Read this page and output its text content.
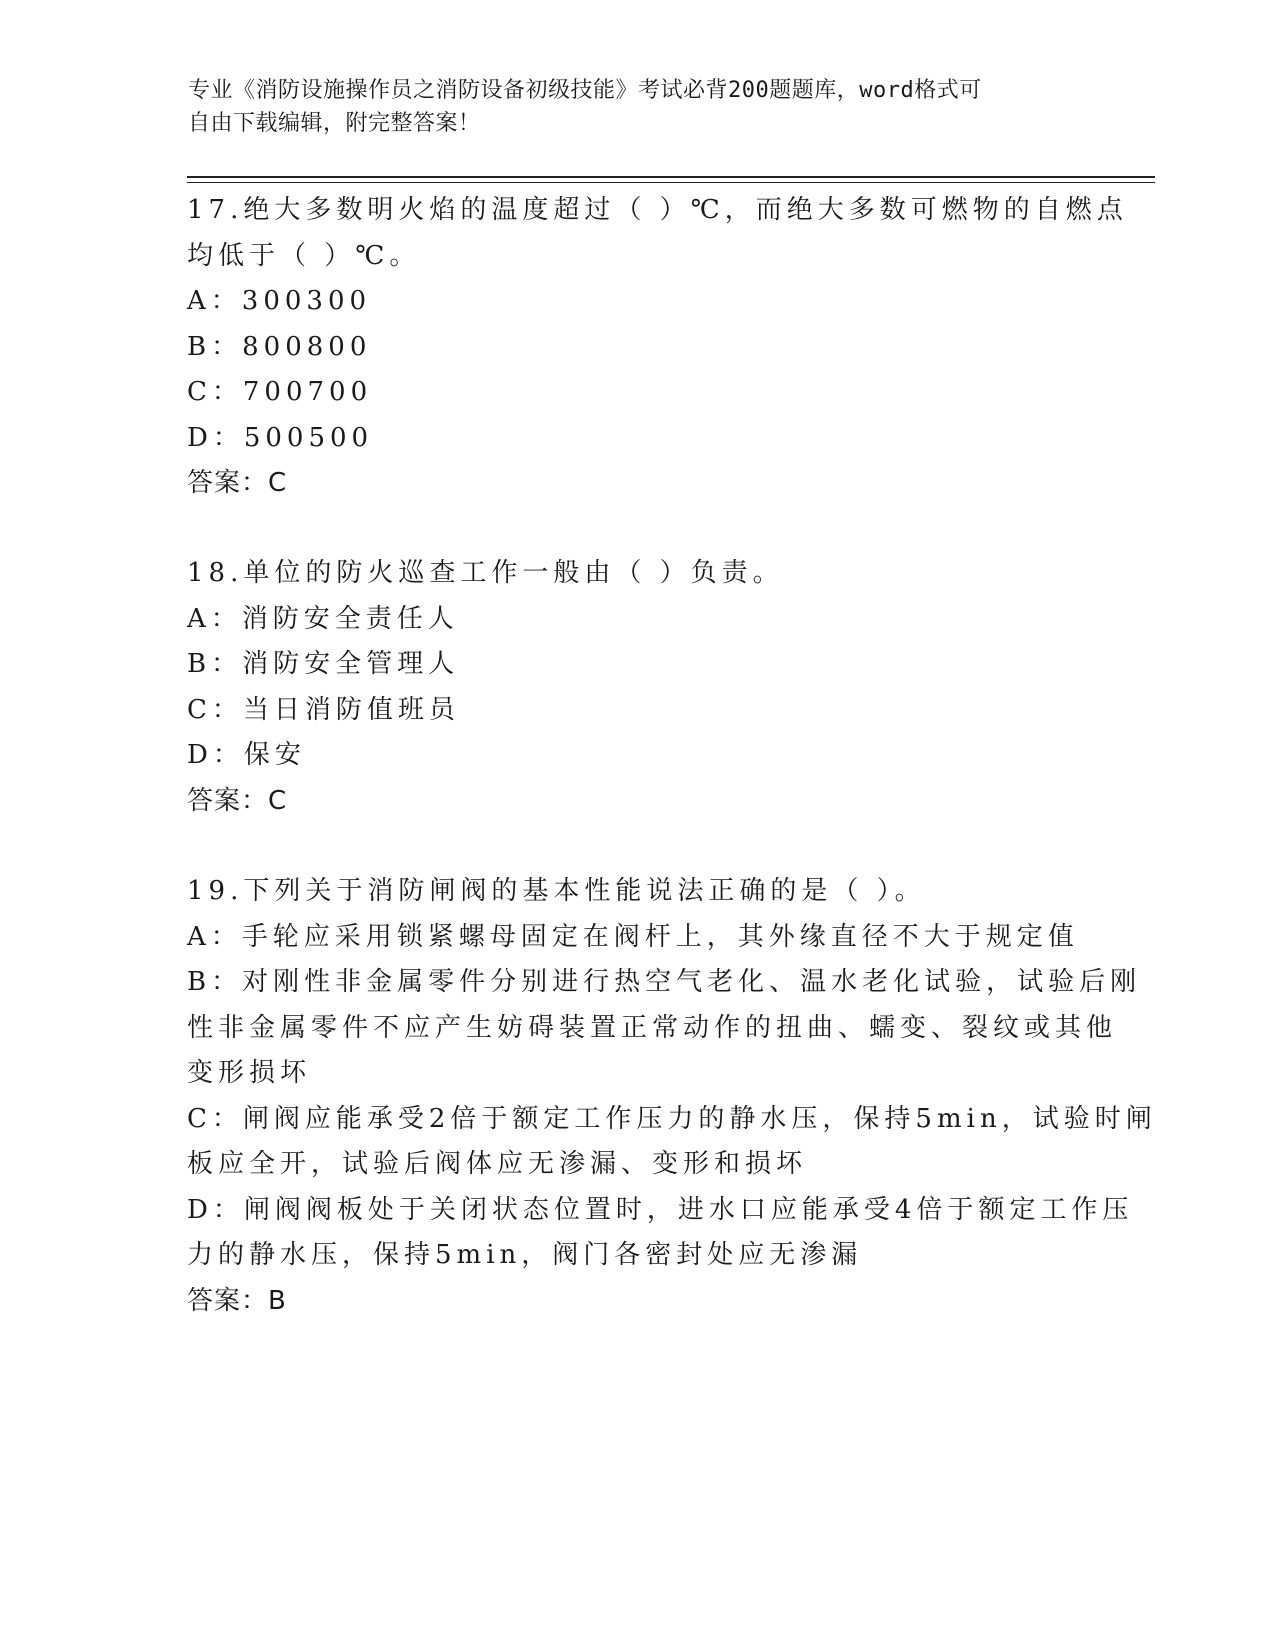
专业《消防设施操作员之消防设备初级技能》考试必背200题题库，word格式可
自由下载编辑，附完整答案！
17.绝大多数明火焰的温度超过（ ）℃，而绝大多数可燃物的自燃点
均低于（ ）℃。
A：300300
B：800800
C：700700
D：500500
答案：C
18.单位的防火巡查工作一般由（ ）负责。
A：消防安全责任人
B：消防安全管理人
C：当日消防值班员
D：保安
答案：C
19.下列关于消防闸阀的基本性能说法正确的是（ ）。
A：手轮应采用锁紧螺母固定在阀杆上，其外缘直径不大于规定值
B：对刚性非金属零件分别进行热空气老化、温水老化试验，试验后刚
性非金属零件不应产生妨碍装置正常动作的扭曲、蠕变、裂纹或其他
变形损坏
C：闸阀应能承受2倍于额定工作压力的静水压，保持5min，试验时闸
板应全开，试验后阀体应无渗漏、变形和损坏
D：闸阀阀板处于关闭状态位置时，进水口应能承受4倍于额定工作压
力的静水压，保持5min，阀门各密封处应无渗漏
答案：B
